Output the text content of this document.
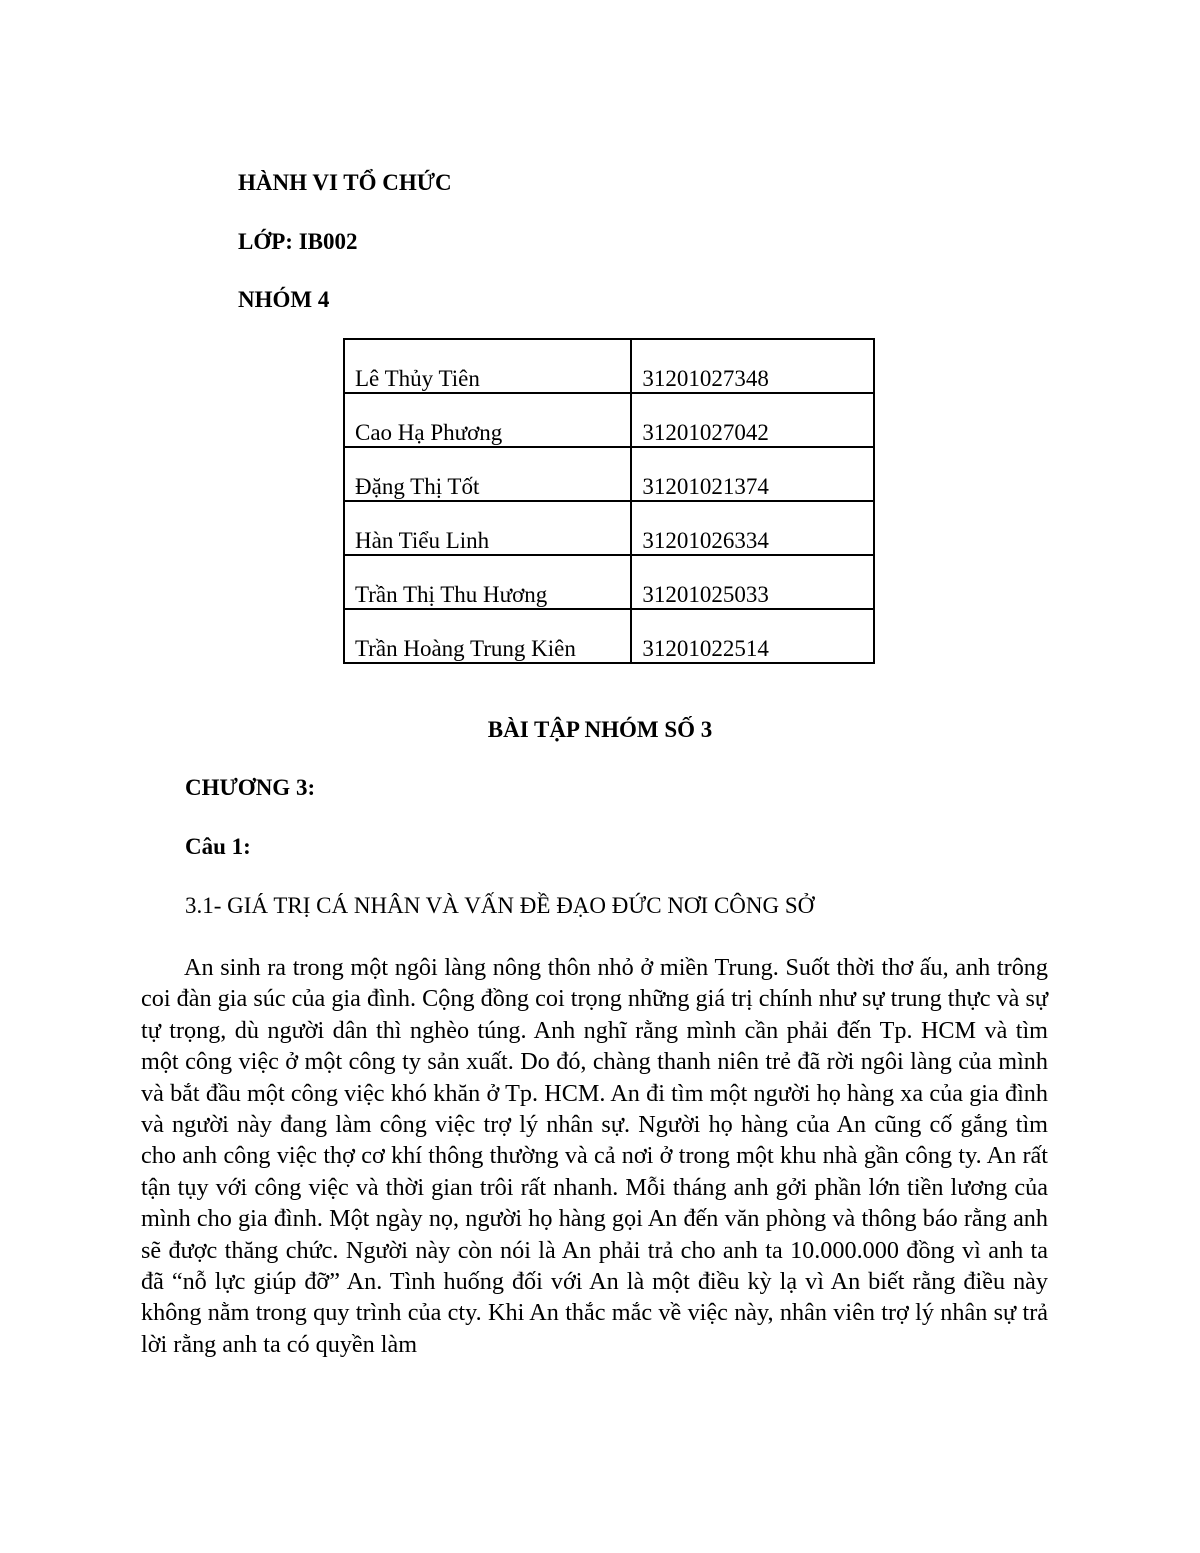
HÀNH VI TỔ CHỨC
LỚP: IB002
NHÓM 4
Lê Thủy Tiên	31201027348
Cao Hạ Phương	31201027042
Đặng Thị Tốt	31201021374
Hàn Tiểu Linh	31201026334
Trần Thị Thu Hương	31201025033
Trần Hoàng Trung Kiên	31201022514
BÀI TẬP NHÓM SỐ 3
CHƯƠNG 3:
Câu 1:
3.1- GIÁ TRỊ CÁ NHÂN VÀ VẤN ĐỀ ĐẠO ĐỨC NƠI CÔNG SỞ

An sinh ra trong một ngôi làng nông thôn nhỏ ở miền Trung. Suốt thời thơ ấu, anh trông coi đàn gia súc của gia đình. Cộng đồng coi trọng những giá trị chính như sự trung thực và sự tự trọng, dù người dân thì nghèo túng. Anh nghĩ rằng mình cần phải đến Tp. HCM và tìm một công việc ở một công ty sản xuất. Do đó, chàng thanh niên trẻ đã rời ngôi làng của mình và bắt đầu một công việc khó khăn ở Tp. HCM. An đi tìm một người họ hàng xa của gia đình và người này đang làm công việc trợ lý nhân sự. Người họ hàng của An cũng cố gắng tìm cho anh công việc thợ cơ khí thông thường và cả nơi ở trong một khu nhà gần công ty. An rất tận tụy với công việc và thời gian trôi rất nhanh. Mỗi tháng anh gởi phần lớn tiền lương của mình cho gia đình. Một ngày nọ, người họ hàng gọi An đến văn phòng và thông báo rằng anh sẽ được thăng chức. Người này còn nói là An phải trả cho anh ta 10.000.000 đồng vì anh ta đã “nỗ lực giúp đỡ” An. Tình huống đối với An là một điều kỳ lạ vì An biết rằng điều này không nằm trong quy trình của cty. Khi An thắc mắc về việc này, nhân viên trợ lý nhân sự trả lời rằng anh ta có quyền làm
